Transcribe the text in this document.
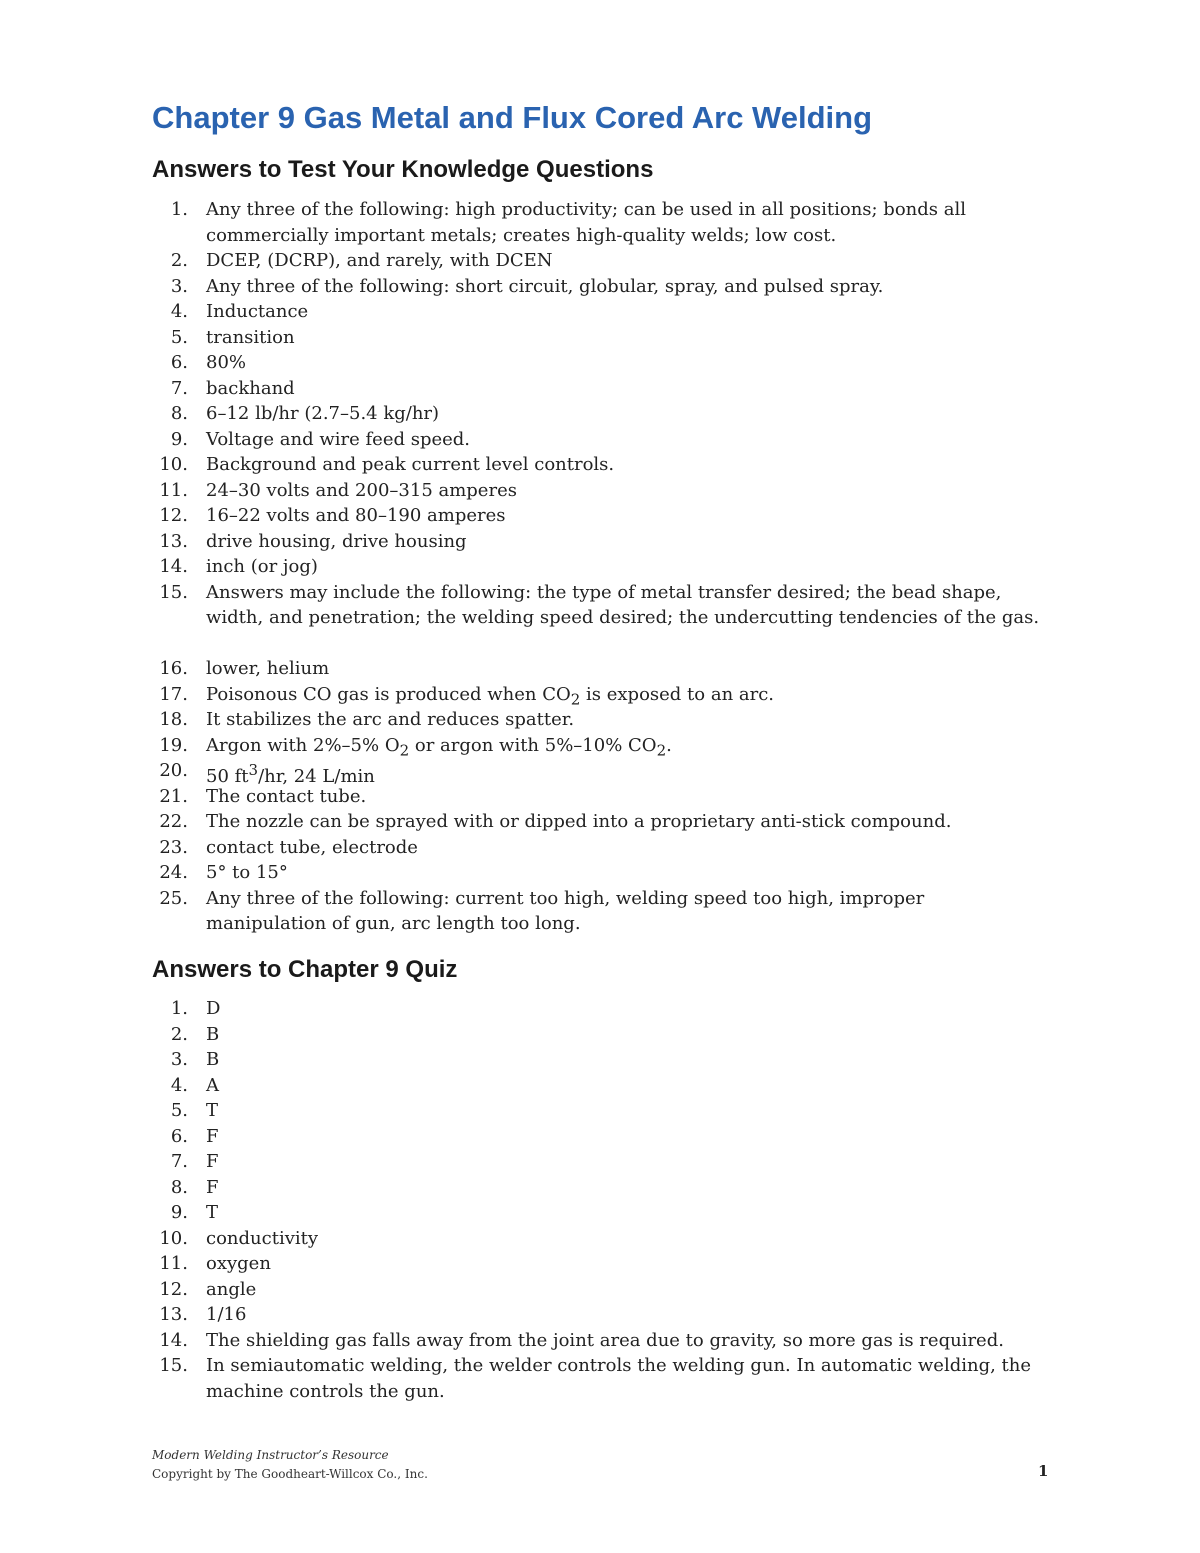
Chapter 9 Gas Metal and Flux Cored Arc Welding
Answers to Test Your Knowledge Questions
1. Any three of the following: high productivity; can be used in all positions; bonds all commercially important metals; creates high-quality welds; low cost.
2. DCEP, (DCRP), and rarely, with DCEN
3. Any three of the following: short circuit, globular, spray, and pulsed spray.
4. Inductance
5. transition
6. 80%
7. backhand
8. 6–12 lb/hr (2.7–5.4 kg/hr)
9. Voltage and wire feed speed.
10. Background and peak current level controls.
11. 24–30 volts and 200–315 amperes
12. 16–22 volts and 80–190 amperes
13. drive housing, drive housing
14. inch (or jog)
15. Answers may include the following: the type of metal transfer desired; the bead shape, width, and penetration; the welding speed desired; the undercutting tendencies of the gas.
16. lower, helium
17. Poisonous CO gas is produced when $CO_2$ is exposed to an arc.
18. It stabilizes the arc and reduces spatter.
19. Argon with 2%–5% $O_2$ or argon with 5%–10% $CO_2$.
20. 50 $ft^3/hr$, 24 L/min
21. The contact tube.
22. The nozzle can be sprayed with or dipped into a proprietary anti-stick compound.
23. contact tube, electrode
24. 5° to 15°
25. Any three of the following: current too high, welding speed too high, improper manipulation of gun, arc length too long.
Answers to Chapter 9 Quiz
1. D
2. B
3. B
4. A
5. T
6. F
7. F
8. F
9. T
10. conductivity
11. oxygen
12. angle
13. 1/16
14. The shielding gas falls away from the joint area due to gravity, so more gas is required.
15. In semiautomatic welding, the welder controls the welding gun. In automatic welding, the machine controls the gun.

Modern Welding Instructor’s Resource

Copyright by The Goodheart-Willcox Co., Inc.	1
